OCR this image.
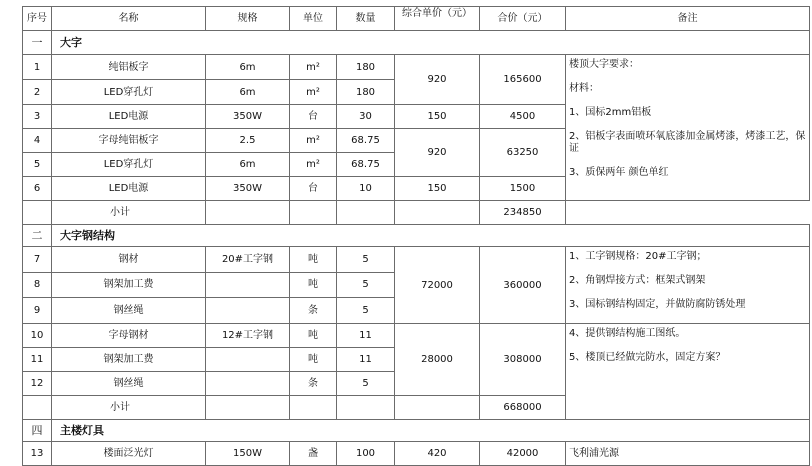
序号	名称	规格	单位	数量	综合单价（元）	合价（元）	备注
一	大字						
1	纯铝板字	6m	m²	180	920	165600	楼顶大字要求：
材料：
1、国标2mm铝板
2、铝板字表面喷环氧底漆加金属烤漆，烤漆工艺，保证
3、质保两年 颜色单红

2	LED穿孔灯	6m	m²	180			
3	LED电源	350W	台	30	150	4500	
4	字母纯铝板字	2.5	m²	68.75	920	63250	
5	LED穿孔灯	6m	m²	68.75			
6	LED电源	350W	台	10	150	1500	
	小计					234850	
二	大字钢结构						
7	钢材	20#工字钢	吨	5	72000	360000	1、工字钢规格：20#工字钢；
2、角钢焊接方式：框架式钢架
3、国标钢结构固定，并做防腐防锈处理

8	钢架加工费		吨	5			
9	钢丝绳		条	5			
10	字母钢材	12#工字钢	吨	11	28000	308000	4、提供钢结构施工图纸。
5、楼顶已经做完防水，固定方案？

11	钢架加工费		吨	11			
12	钢丝绳		条	5			
	小计					668000	
四	主楼灯具						
13	楼面泛光灯	150W	盏	100	420	42000	飞利浦光源
